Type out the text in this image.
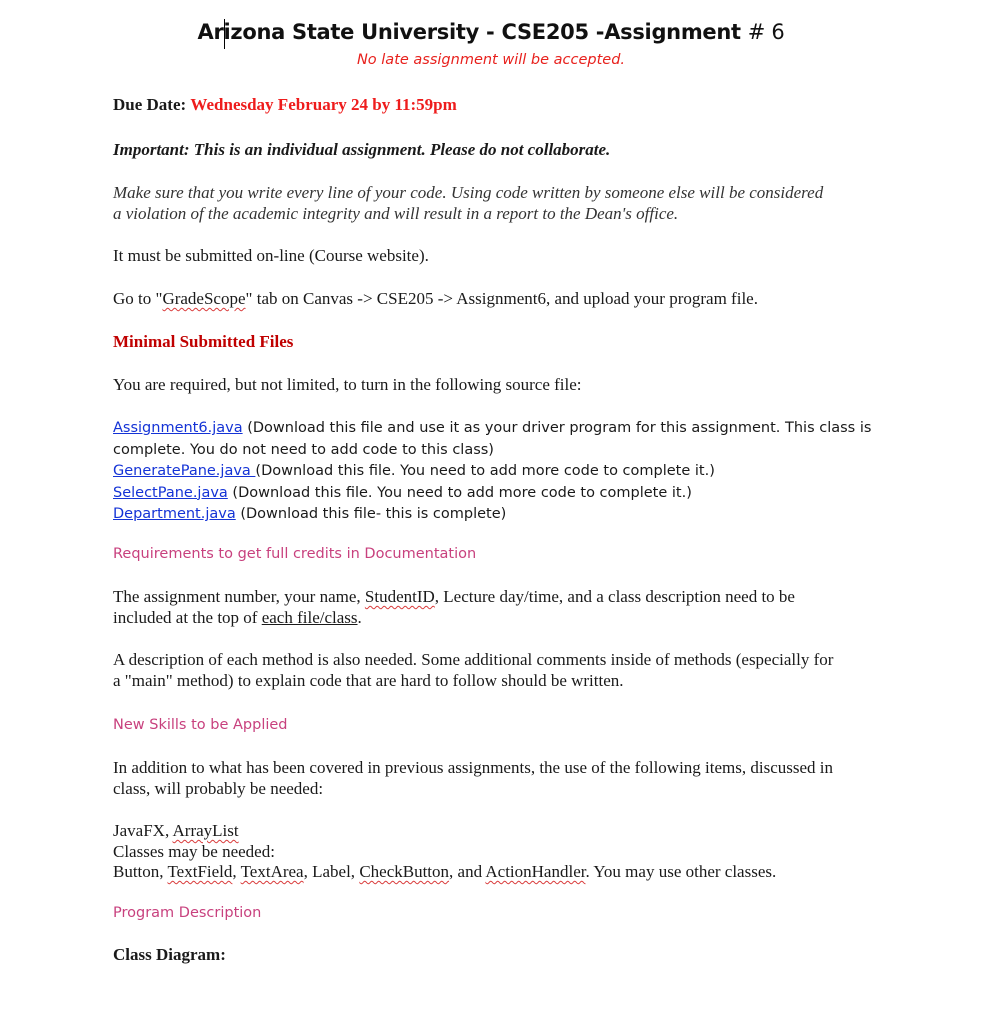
Arizona State University - CSE205 -Assignment # 6
No late assignment will be accepted.
Due Date: Wednesday February 24 by 11:59pm
Important: This is an individual assignment. Please do not collaborate.
Make sure that you write every line of your code. Using code written by someone else will be considered
a violation of the academic integrity and will result in a report to the Dean's office.
It must be submitted on-line (Course website).
Go to "GradeScope" tab on Canvas -> CSE205 -> Assignment6, and upload your program file.
Minimal Submitted Files
You are required, but not limited, to turn in the following source file:
Assignment6.java (Download this file and use it as your driver program for this assignment. This class is
complete. You do not need to add code to this class)
GeneratePane.java (Download this file. You need to add more code to complete it.)
SelectPane.java (Download this file. You need to add more code to complete it.)
Department.java (Download this file- this is complete)
Requirements to get full credits in Documentation
The assignment number, your name, StudentID, Lecture day/time, and a class description need to be
included at the top of each file/class.
A description of each method is also needed. Some additional comments inside of methods (especially for
a "main" method) to explain code that are hard to follow should be written.
New Skills to be Applied
In addition to what has been covered in previous assignments, the use of the following items, discussed in
class, will probably be needed:
JavaFX, ArrayList
Classes may be needed:
Button, TextField, TextArea, Label, CheckButton, and ActionHandler. You may use other classes.
Program Description
Class Diagram:
